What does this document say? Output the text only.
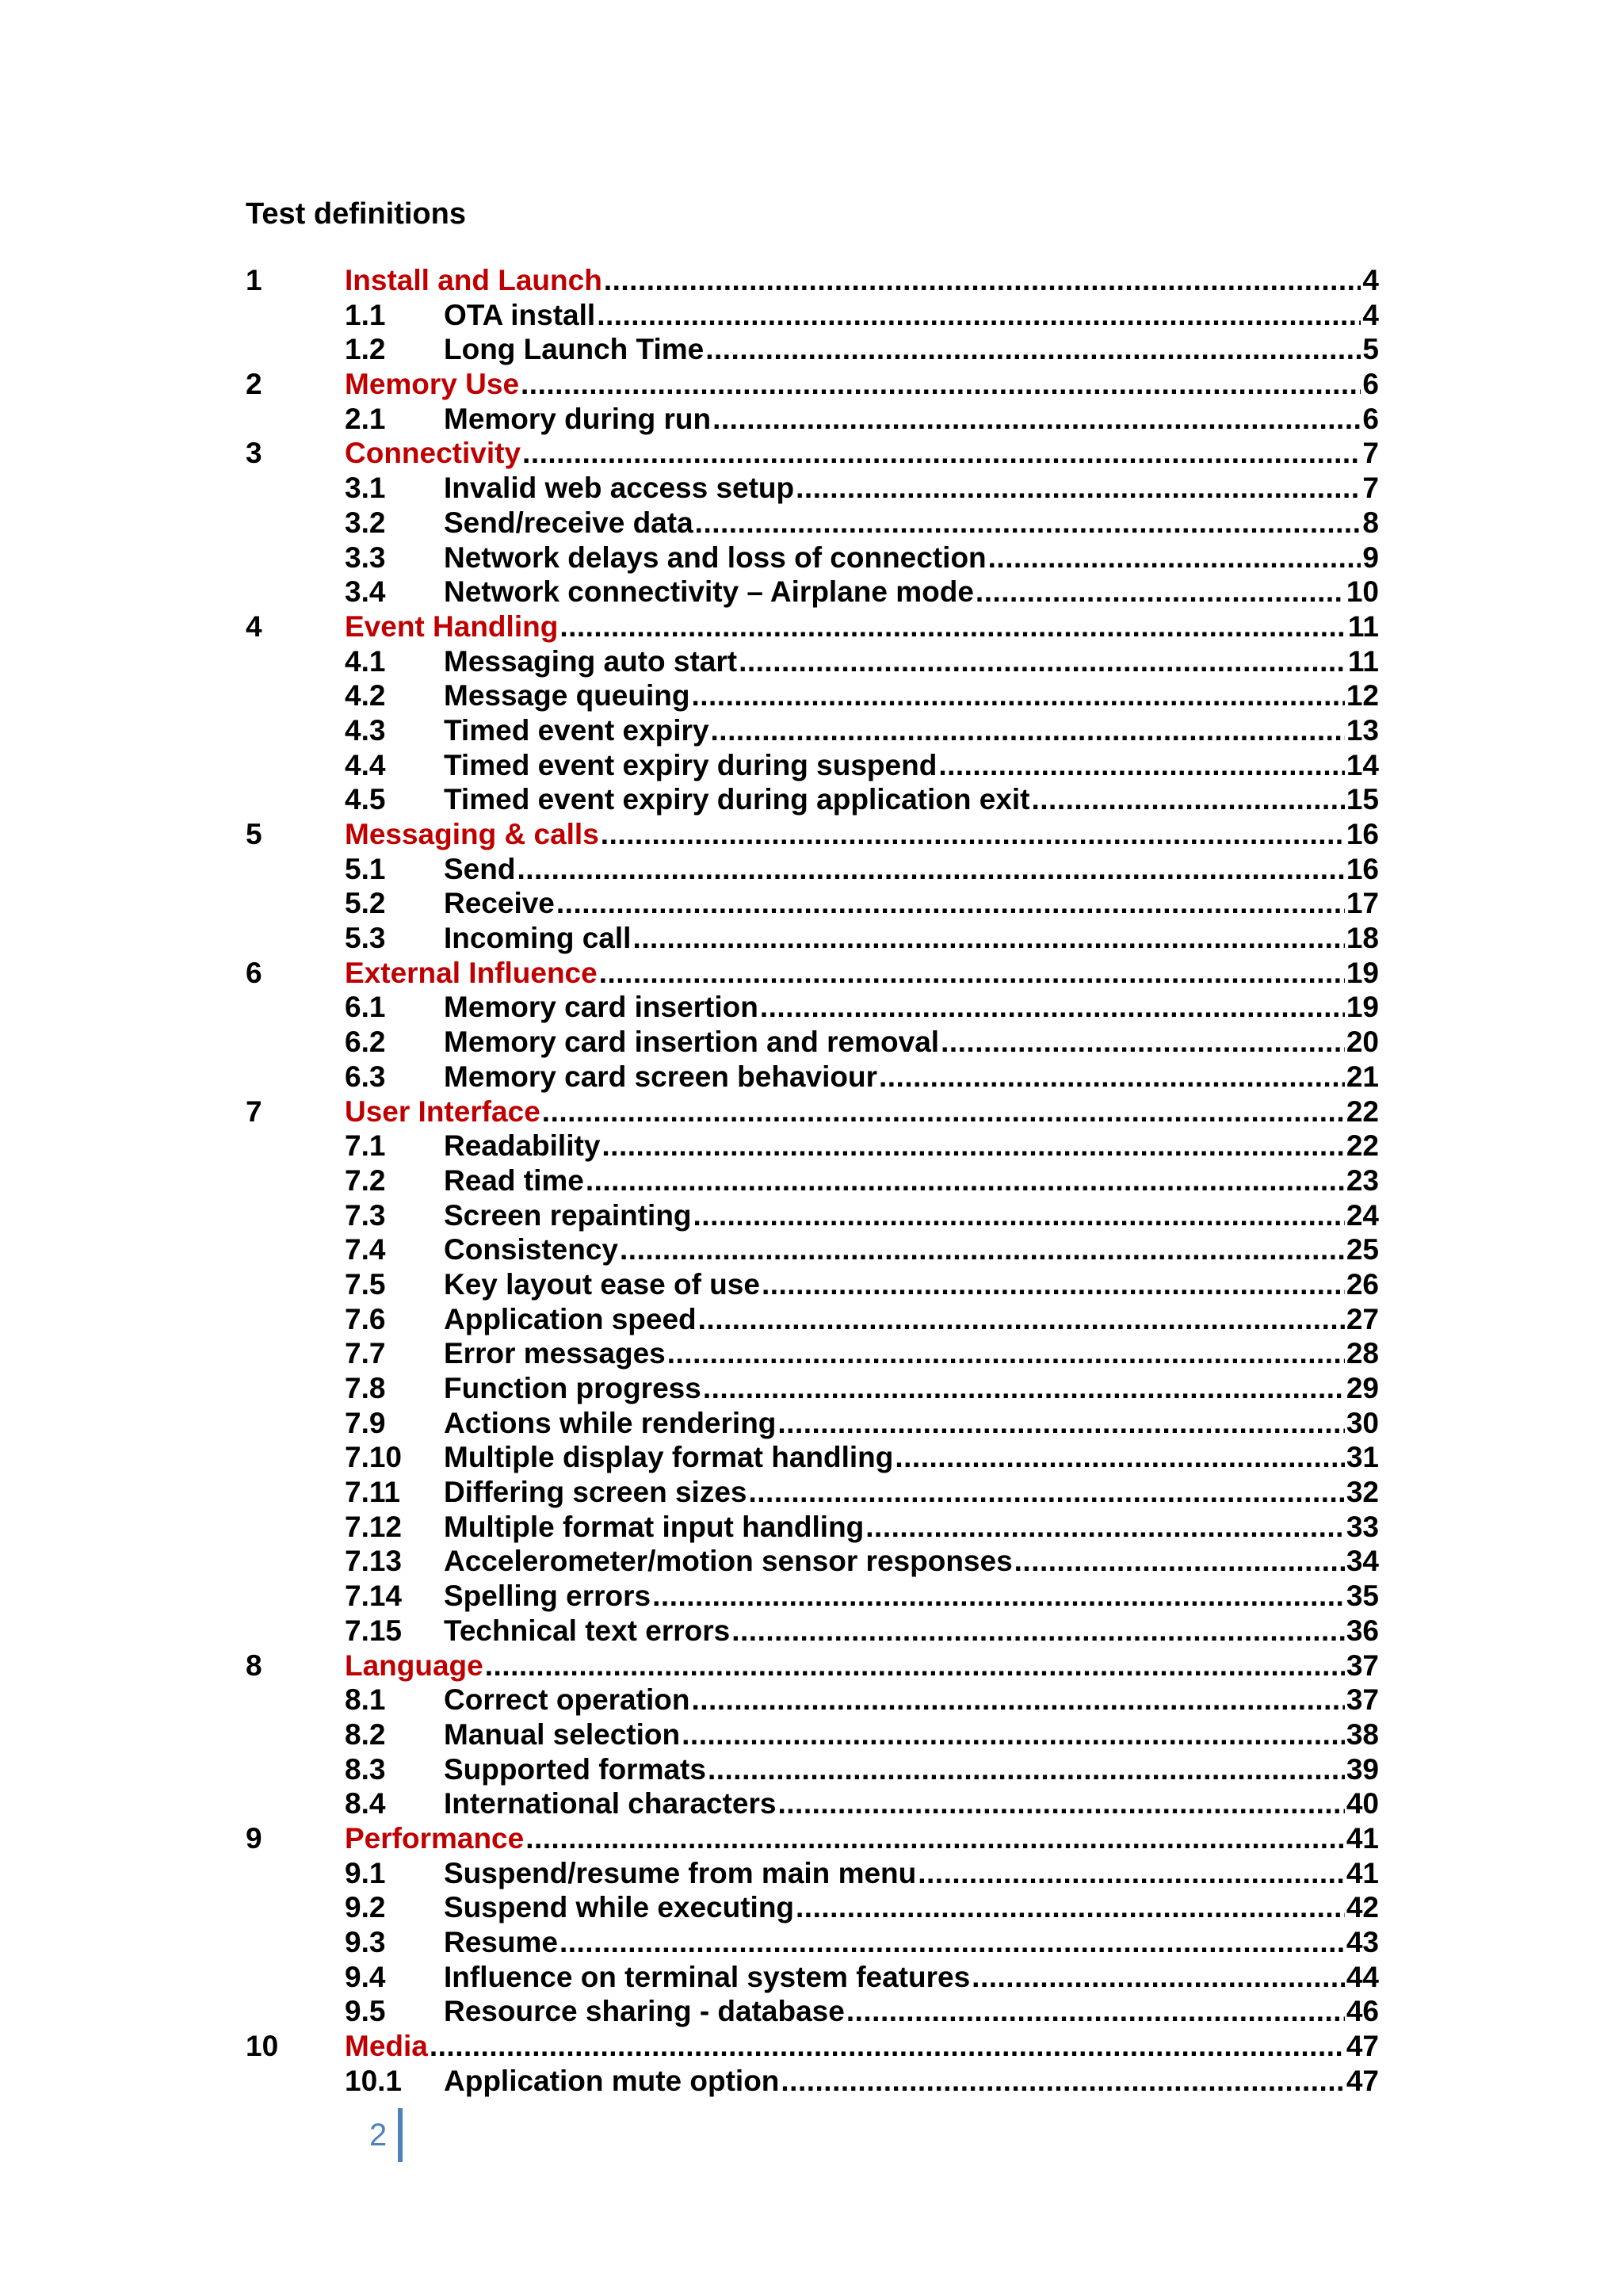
Test definitions
1	Install and Launch .....	4
1.1	OTA install .....	4
1.2	Long Launch Time .....	5
2	Memory Use .....	6
2.1	Memory during run .....	6
3	Connectivity .....	7
3.1	Invalid web access setup .....	7
3.2	Send/receive data .....	8
3.3	Network delays and loss of connection .....	9
3.4	Network connectivity – Airplane mode .....	10
4	Event Handling .....	11
4.1	Messaging auto start .....	11
4.2	Message queuing .....	12
4.3	Timed event expiry .....	13
4.4	Timed event expiry during suspend .....	14
4.5	Timed event expiry during application exit .....	15
5	Messaging & calls .....	16
5.1	Send .....	16
5.2	Receive .....	17
5.3	Incoming call .....	18
6	External Influence .....	19
6.1	Memory card insertion .....	19
6.2	Memory card insertion and removal .....	20
6.3	Memory card screen behaviour .....	21
7	User Interface .....	22
7.1	Readability .....	22
7.2	Read time .....	23
7.3	Screen repainting .....	24
7.4	Consistency .....	25
7.5	Key layout ease of use .....	26
7.6	Application speed .....	27
7.7	Error messages .....	28
7.8	Function progress .....	29
7.9	Actions while rendering .....	30
7.10	Multiple display format handling .....	31
7.11	Differing screen sizes .....	32
7.12	Multiple format input handling .....	33
7.13	Accelerometer/motion sensor responses .....	34
7.14	Spelling errors .....	35
7.15	Technical text errors .....	36
8	Language .....	37
8.1	Correct operation .....	37
8.2	Manual selection .....	38
8.3	Supported formats .....	39
8.4	International characters .....	40
9	Performance .....	41
9.1	Suspend/resume from main menu .....	41
9.2	Suspend while executing .....	42
9.3	Resume .....	43
9.4	Influence on terminal system features .....	44
9.5	Resource sharing - database .....	46
10	Media .....	47
10.1	Application mute option .....	47
2
